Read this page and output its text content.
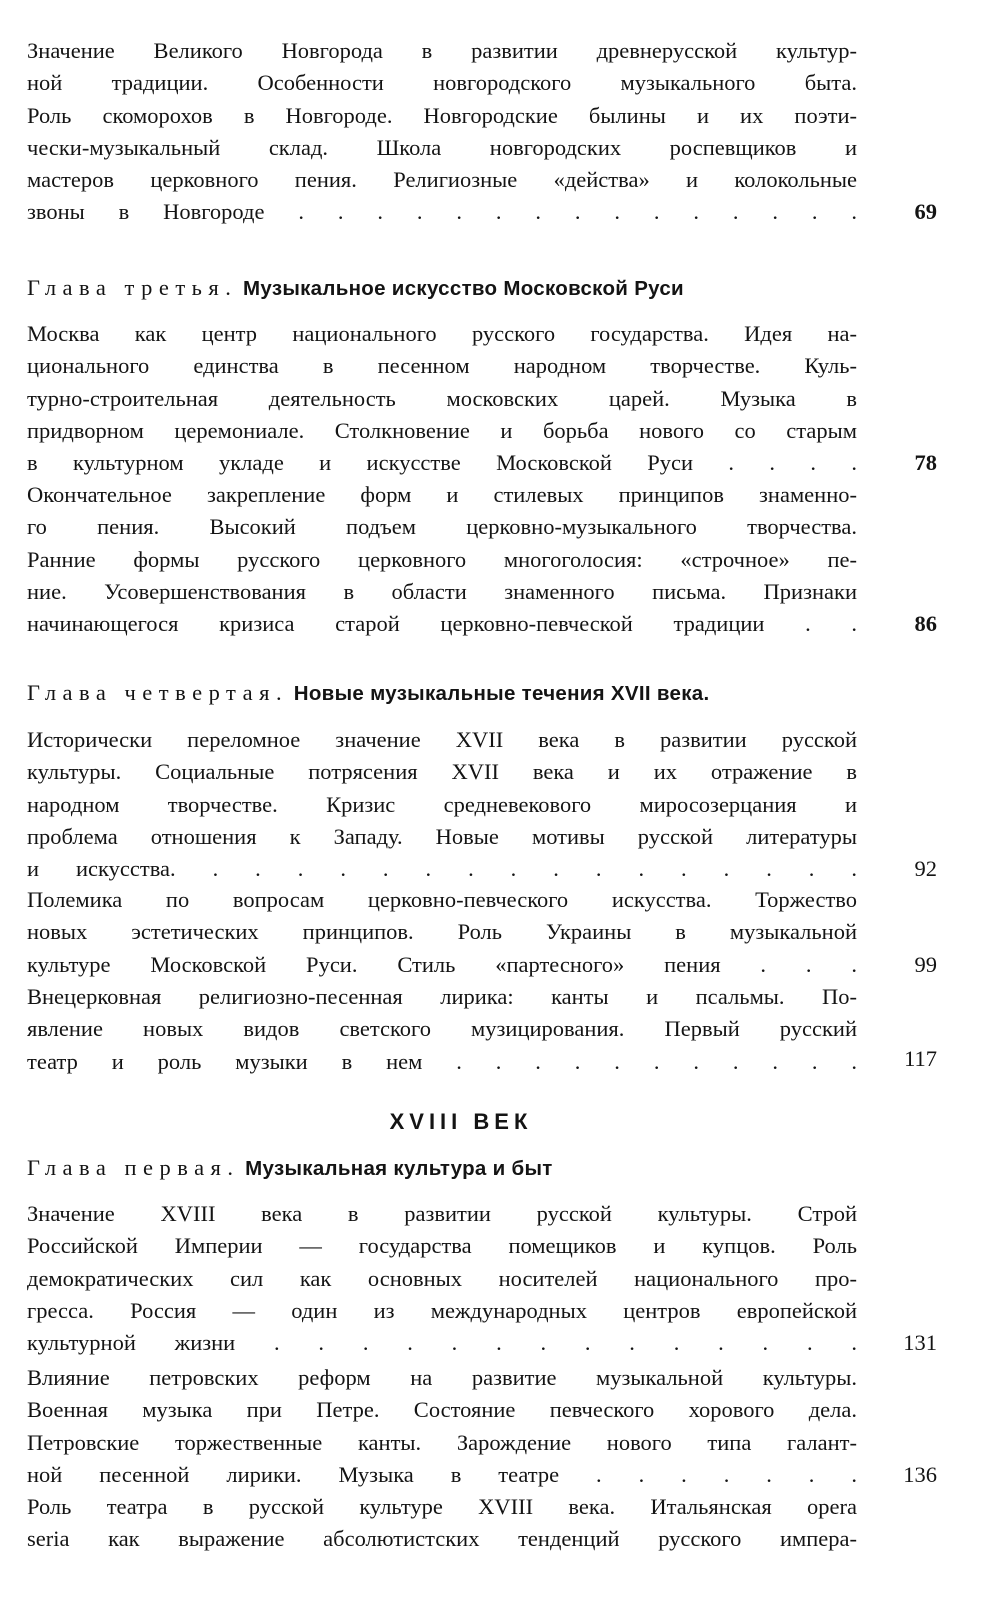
Значение Великого Новгорода в развитии древнерусской культур-
ной традиции. Особенности новгородского музыкального быта.
Роль скоморохов в Новгороде. Новгородские былины и их поэти-
чески-музыкальный склад. Школа новгородских роспевщиков и
мастеров церковного пения. Религиозные «действа» и колокольные
звоны в Новгороде . . . . . . . . . . . . . . .	69
Глава третья. Музыкальное искусство Московской Руси
Москва как центр национального русского государства. Идея на-
ционального единства в песенном народном творчестве. Куль-
турно-строительная деятельность московских царей. Музыка в
придворном церемониале. Столкновение и борьба нового со старым
в культурном укладе и искусстве Московской Руси . . . .	78
Окончательное закрепление форм и стилевых принципов знаменно-
го пения. Высокий подъем церковно-музыкального творчества.
Ранние формы русского церковного многоголосия: «строчное» пе-
ние. Усовершенствования в области знаменного письма. Признаки
начинающегося кризиса старой церковно-певческой традиции . .	86
Глава четвертая. Новые музыкальные течения XVII века.
Исторически переломное значение XVII века в развитии русской
культуры. Социальные потрясения XVII века и их отражение в
народном творчестве. Кризис средневекового миросозерцания и
проблема отношения к Западу. Новые мотивы русской литературы
и искусства. . . . . . . . . . . . . . . . .	92
Полемика по вопросам церковно-певческого искусства. Торжество
новых эстетических принципов. Роль Украины в музыкальной
культуре Московской Руси. Стиль «партесного» пения . . .	99
Внецерковная религиозно-песенная лирика: канты и псальмы. По-
явление новых видов светского музицирования. Первый русский
театр и роль музыки в нем . . . . . . . . . . .	117
XVIII ВЕК
Глава первая. Музыкальная культура и быт
Значение XVIII века в развитии русской культуры. Строй
Российской Империи — государства помещиков и купцов. Роль
демократических сил как основных носителей национального про-
гресса. Россия — один из международных центров европейской
культурной жизни . . . . . . . . . . . . . .	131
Влияние петровских реформ на развитие музыкальной культуры.
Военная музыка при Петре. Состояние певческого хорового дела.
Петровские торжественные канты. Зарождение нового типа галант-
ной песенной лирики. Музыка в театре . . . . . . .	136
Роль театра в русской культуре XVIII века. Итальянская opera
seria как выражение абсолютистских тенденций русского импера-
